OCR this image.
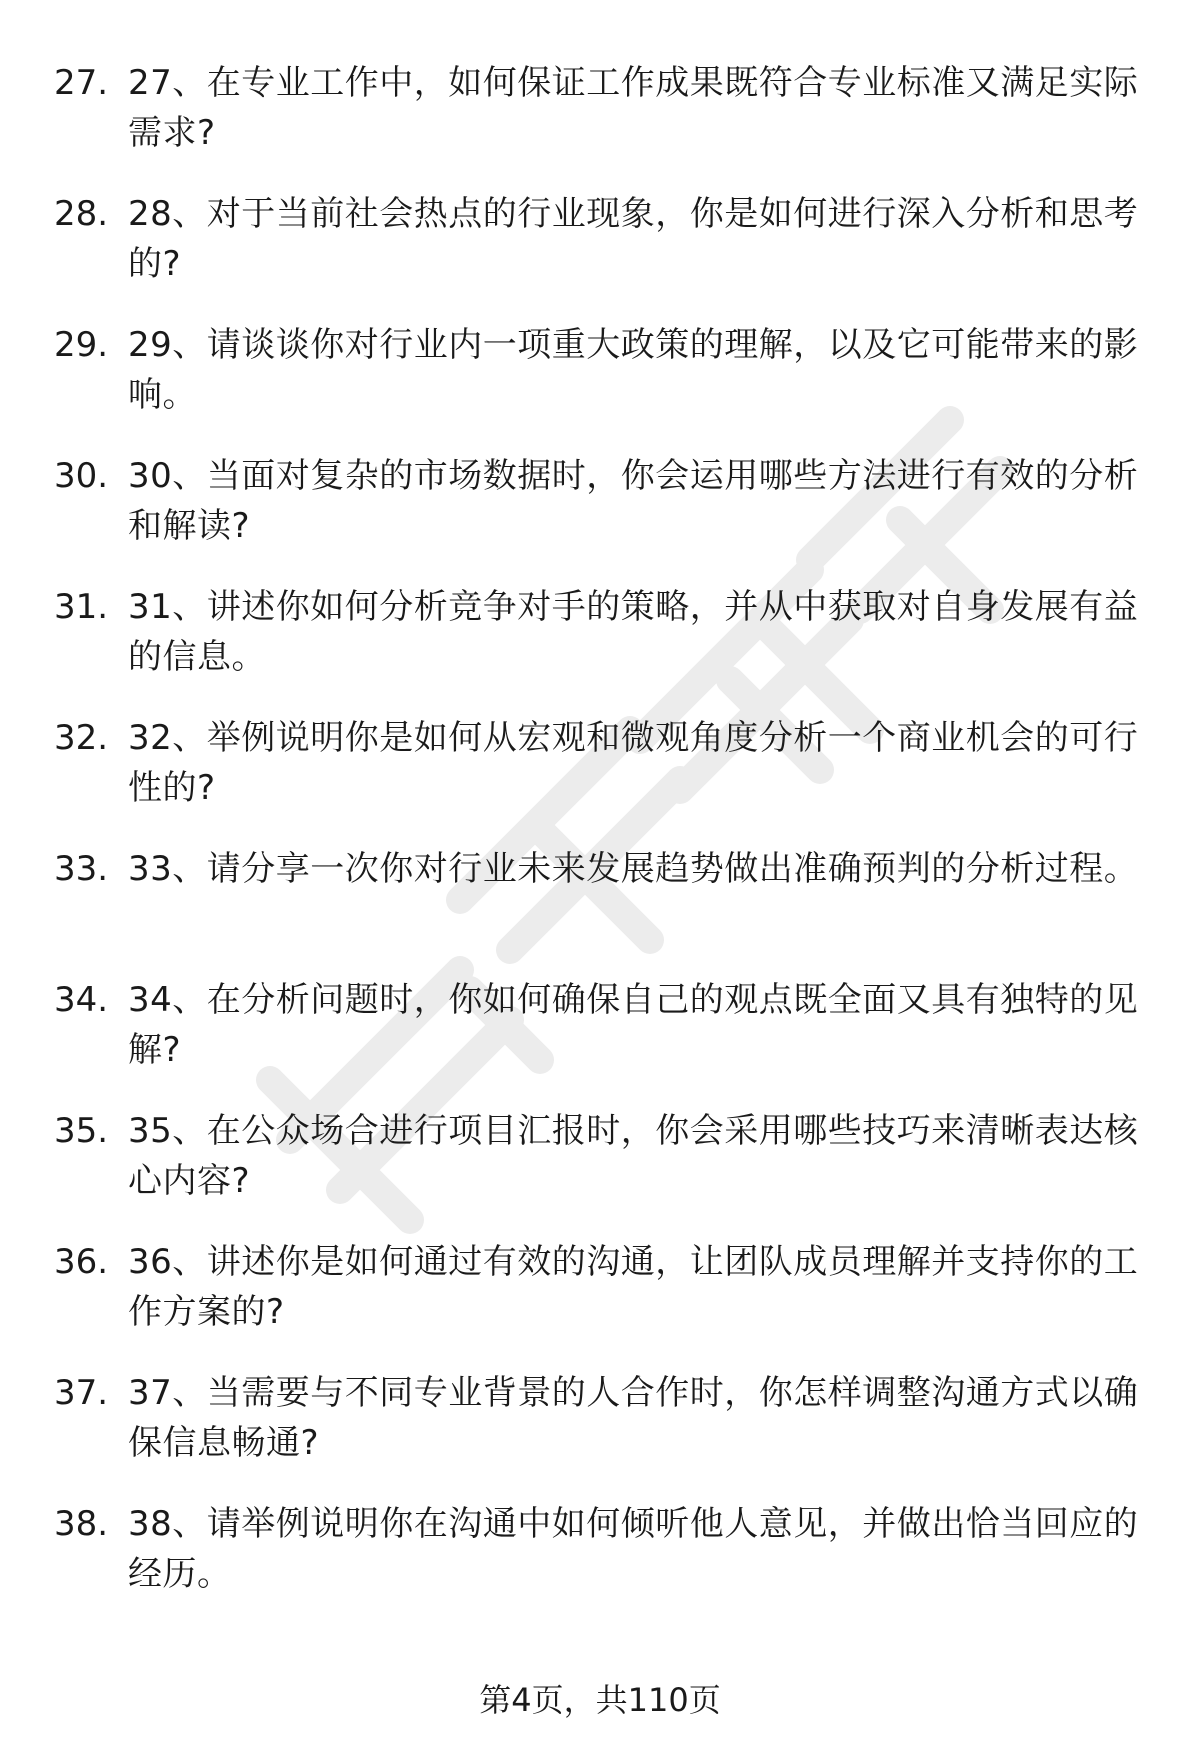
27. 27、在专业工作中，如何保证工作成果既符合专业标准又满足实际需求?
28. 28、对于当前社会热点的行业现象，你是如何进行深入分析和思考的?
29. 29、请谈谈你对行业内一项重大政策的理解，以及它可能带来的影响。
30. 30、当面对复杂的市场数据时，你会运用哪些方法进行有效的分析和解读?
31. 31、讲述你如何分析竞争对手的策略，并从中获取对自身发展有益的信息。
32. 32、举例说明你是如何从宏观和微观角度分析一个商业机会的可行性的?
33. 33、请分享一次你对行业未来发展趋势做出准确预判的分析过程。
34. 34、在分析问题时，你如何确保自己的观点既全面又具有独特的见解?
35. 35、在公众场合进行项目汇报时，你会采用哪些技巧来清晰表达核心内容?
36. 36、讲述你是如何通过有效的沟通，让团队成员理解并支持你的工作方案的?
37. 37、当需要与不同专业背景的人合作时，你怎样调整沟通方式以确保信息畅通?
38. 38、请举例说明你在沟通中如何倾听他人意见，并做出恰当回应的经历。
第4页，共110页
